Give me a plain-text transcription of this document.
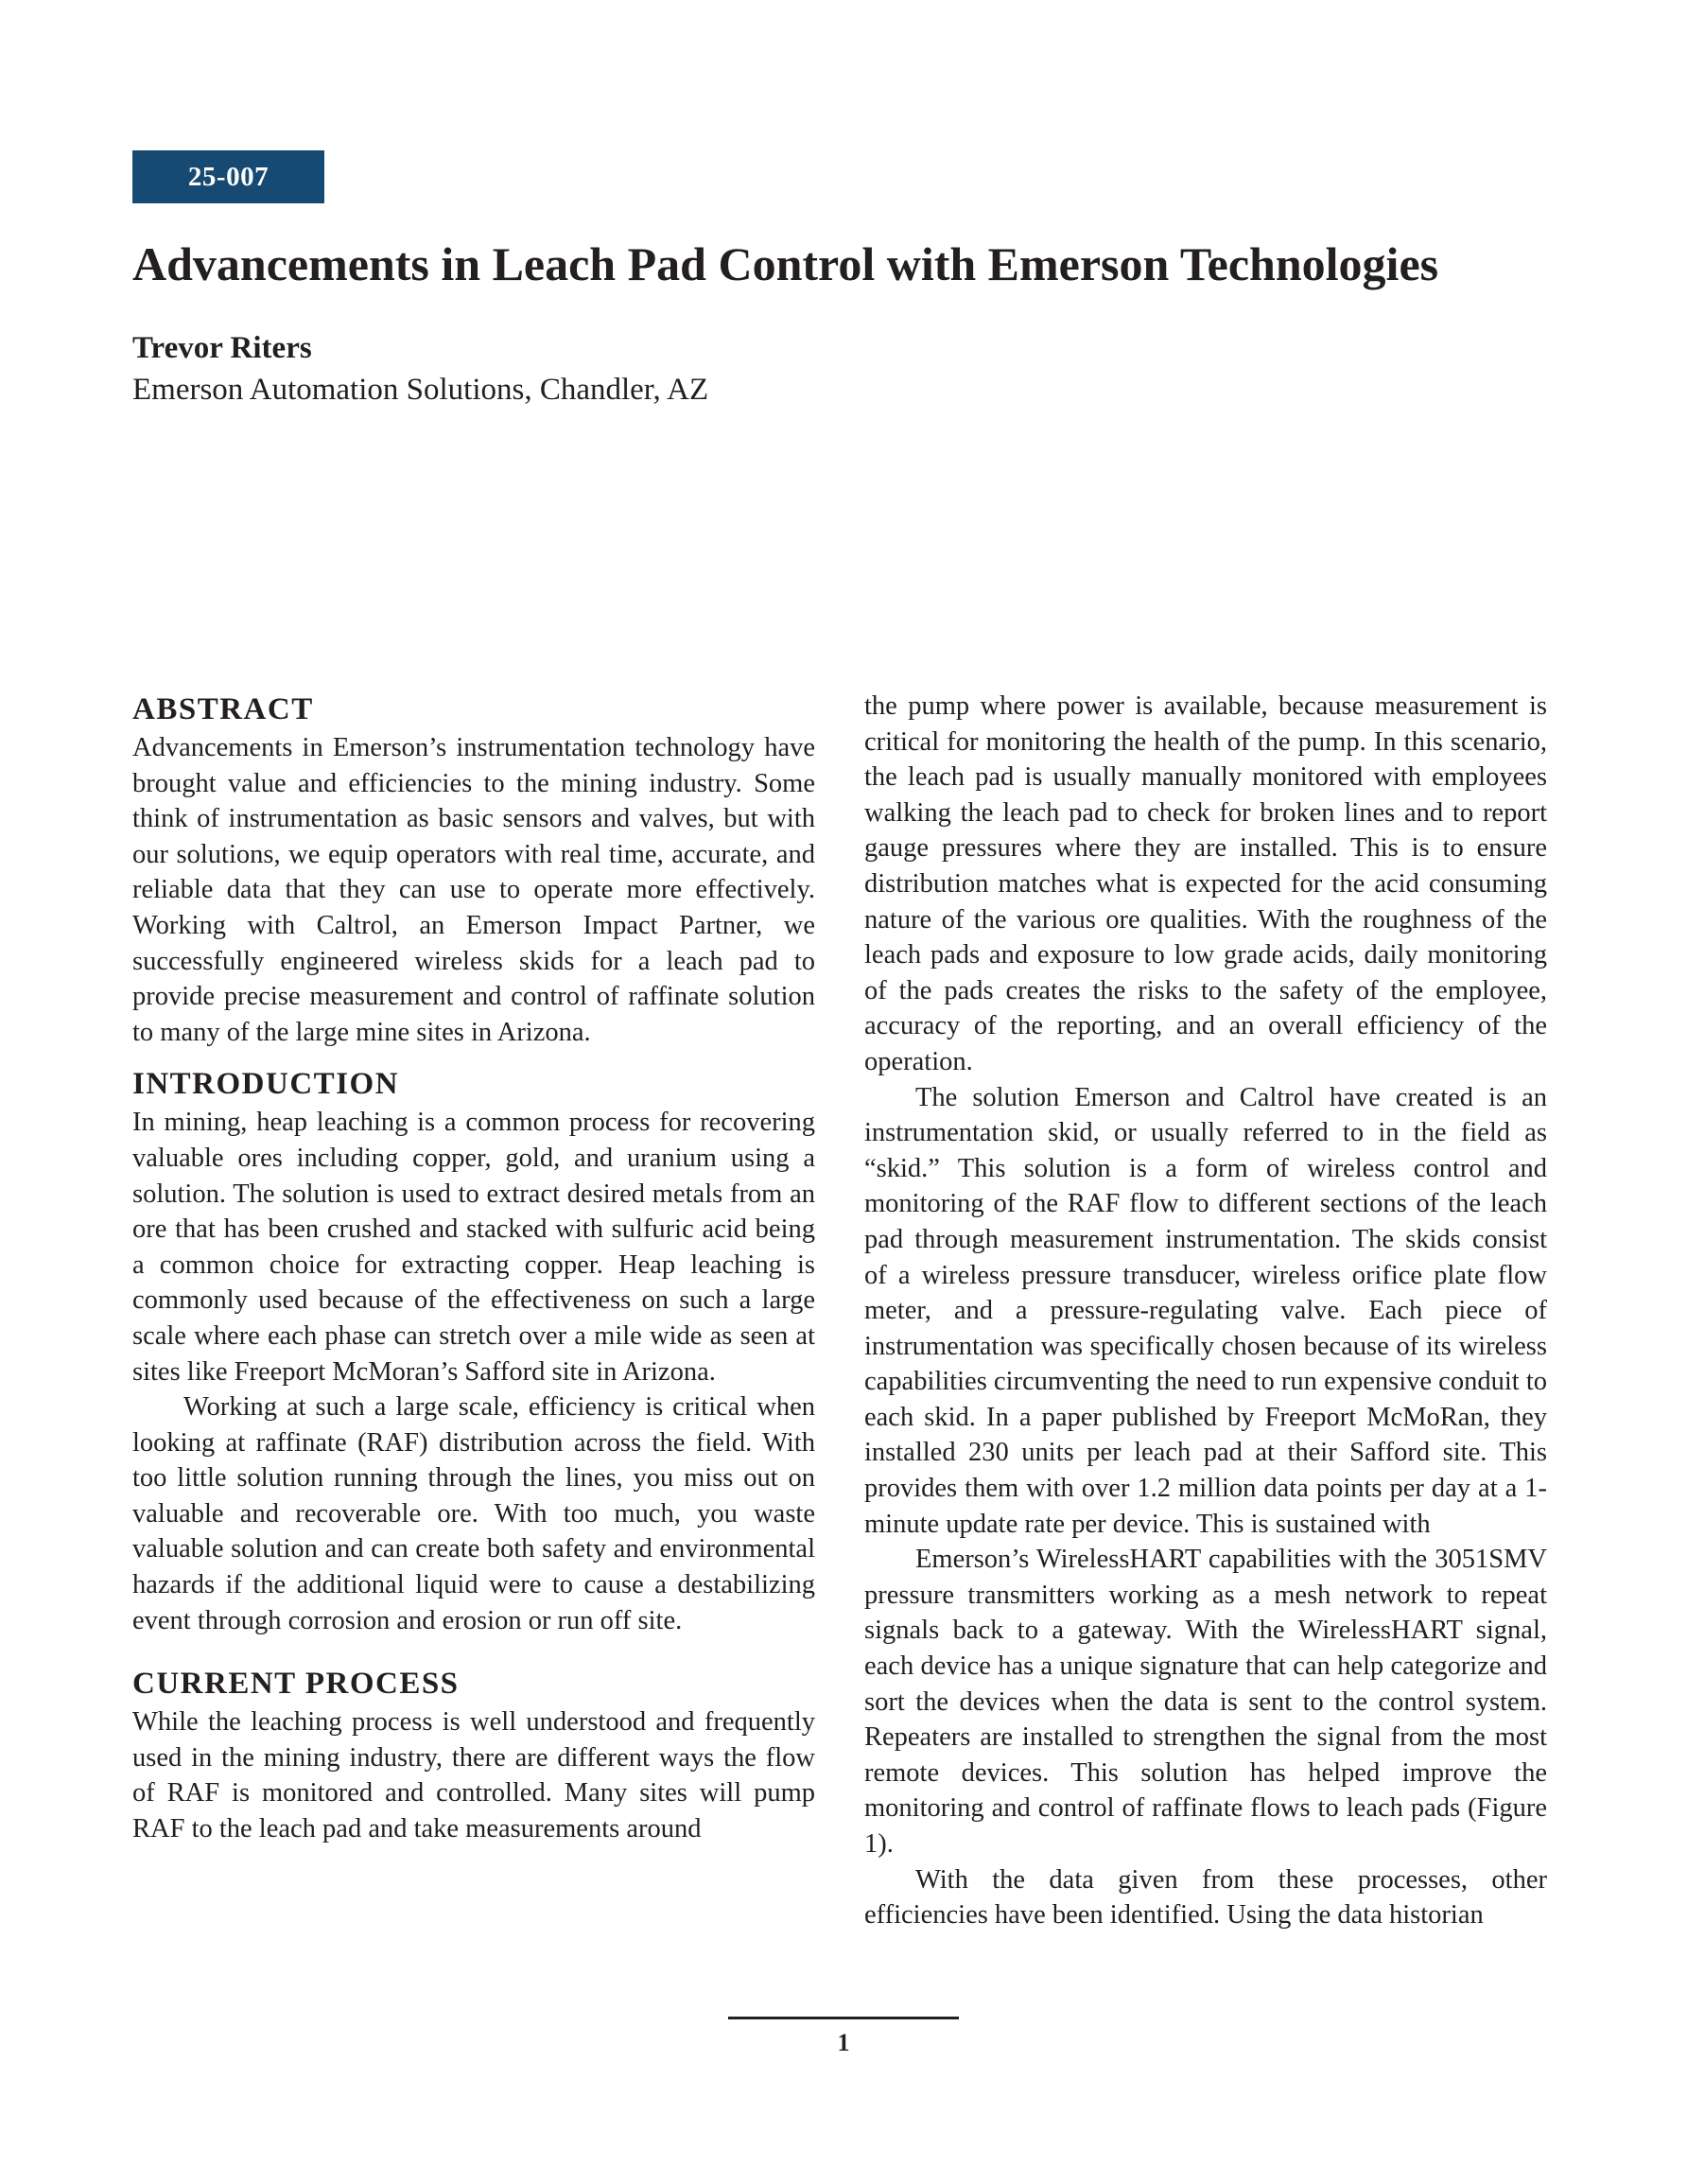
25-007
Advancements in Leach Pad Control with Emerson Technologies
Trevor Riters
Emerson Automation Solutions, Chandler, AZ
ABSTRACT

Advancements in Emerson’s instrumentation technology have brought value and efficiencies to the mining industry. Some think of instrumentation as basic sensors and valves, but with our solutions, we equip operators with real time, accurate, and reliable data that they can use to operate more effectively. Working with Caltrol, an Emerson Impact Partner, we successfully engineered wireless skids for a leach pad to provide precise measurement and control of raffinate solution to many of the large mine sites in Arizona.

INTRODUCTION

In mining, heap leaching is a common process for recovering valuable ores including copper, gold, and uranium using a solution. The solution is used to extract desired metals from an ore that has been crushed and stacked with sulfuric acid being a common choice for extracting copper. Heap leaching is commonly used because of the effectiveness on such a large scale where each phase can stretch over a mile wide as seen at sites like Freeport McMoran’s Safford site in Arizona.

Working at such a large scale, efficiency is critical when looking at raffinate (RAF) distribution across the field. With too little solution running through the lines, you miss out on valuable and recoverable ore. With too much, you waste valuable solution and can create both safety and environmental hazards if the additional liquid were to cause a destabilizing event through corrosion and erosion or run off site.

CURRENT PROCESS

While the leaching process is well understood and frequently used in the mining industry, there are different ways the flow of RAF is monitored and controlled. Many sites will pump RAF to the leach pad and take measurements around

the pump where power is available, because measurement is critical for monitoring the health of the pump. In this scenario, the leach pad is usually manually monitored with employees walking the leach pad to check for broken lines and to report gauge pressures where they are installed. This is to ensure distribution matches what is expected for the acid consuming nature of the various ore qualities. With the roughness of the leach pads and exposure to low grade acids, daily monitoring of the pads creates the risks to the safety of the employee, accuracy of the reporting, and an overall efficiency of the operation.

The solution Emerson and Caltrol have created is an instrumentation skid, or usually referred to in the field as “skid.” This solution is a form of wireless control and monitoring of the RAF flow to different sections of the leach pad through measurement instrumentation. The skids consist of a wireless pressure transducer, wireless orifice plate flow meter, and a pressure-regulating valve. Each piece of instrumentation was specifically chosen because of its wireless capabilities circumventing the need to run expensive conduit to each skid. In a paper published by Freeport McMoRan, they installed 230 units per leach pad at their Safford site. This provides them with over 1.2 million data points per day at a 1-minute update rate per device. This is sustained with

Emerson’s WirelessHART capabilities with the 3051SMV pressure transmitters working as a mesh network to repeat signals back to a gateway. With the WirelessHART signal, each device has a unique signature that can help categorize and sort the devices when the data is sent to the control system. Repeaters are installed to strengthen the signal from the most remote devices. This solution has helped improve the monitoring and control of raffinate flows to leach pads (Figure 1).

With the data given from these processes, other efficiencies have been identified. Using the data historian

1
